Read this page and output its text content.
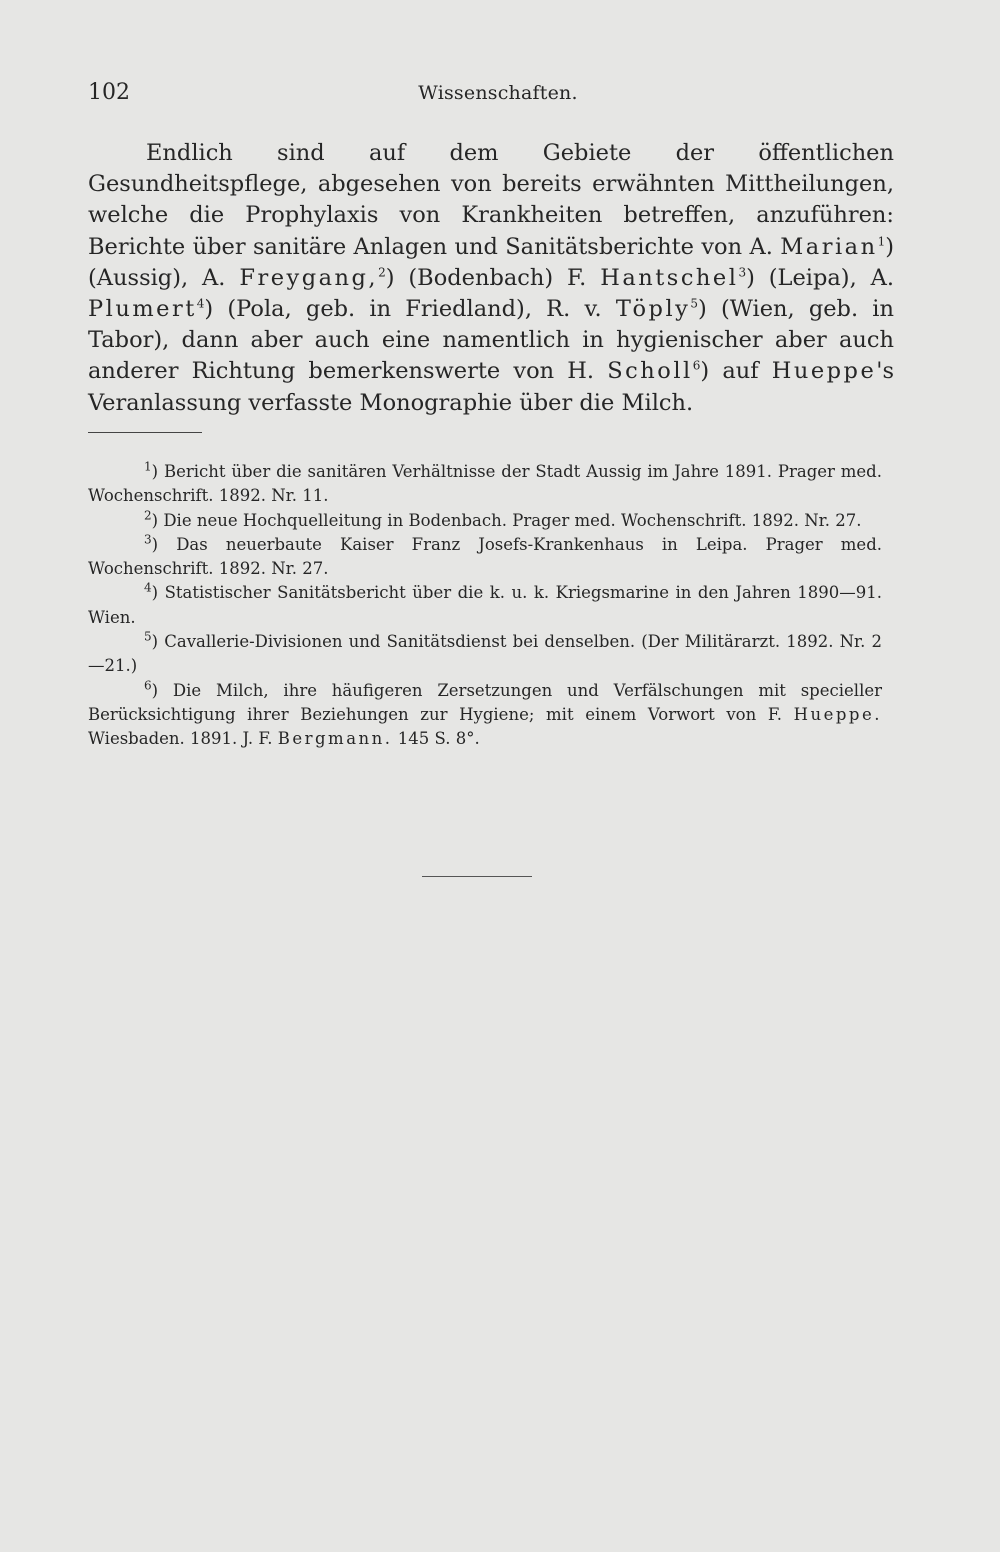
102	Wissenschaften.

Endlich sind auf dem Gebiete der öffentlichen Gesundheitspflege, abgesehen von bereits erwähnten Mittheilungen, welche die Prophylaxis von Krankheiten betreffen, anzuführen: Berichte über sanitäre Anlagen und Sanitätsberichte von A. Marian$^1$) (Aussig), A. Freygang,$^2$) (Bodenbach) F. Hantschel$^3$) (Leipa), A. Plumert$^4$) (Pola, geb. in Friedland), R. v. Töply$^5$) (Wien, geb. in Tabor), dann aber auch eine namentlich in hygienischer aber auch anderer Richtung bemerkenswerte von H. Scholl$^6$) auf Hueppe's Veranlassung verfasste Monographie über die Milch.

$^1$) Bericht über die sanitären Verhältnisse der Stadt Aussig im Jahre 1891. Prager med. Wochenschrift. 1892. Nr. 11.

$^2$) Die neue Hochquelleitung in Bodenbach. Prager med. Wochenschrift. 1892. Nr. 27.

$^3$) Das neuerbaute Kaiser Franz Josefs-Krankenhaus in Leipa. Prager med. Wochenschrift. 1892. Nr. 27.

$^4$) Statistischer Sanitätsbericht über die k. u. k. Kriegsmarine in den Jahren 1890—91. Wien.

$^5$) Cavallerie-Divisionen und Sanitätsdienst bei denselben. (Der Militärarzt. 1892. Nr. 2—21.)

$^6$) Die Milch, ihre häufigeren Zersetzungen und Verfälschungen mit specieller Berücksichtigung ihrer Beziehungen zur Hygiene; mit einem Vorwort von F. Hueppe. Wiesbaden. 1891. J. F. Bergmann. 145 S. 8°.
